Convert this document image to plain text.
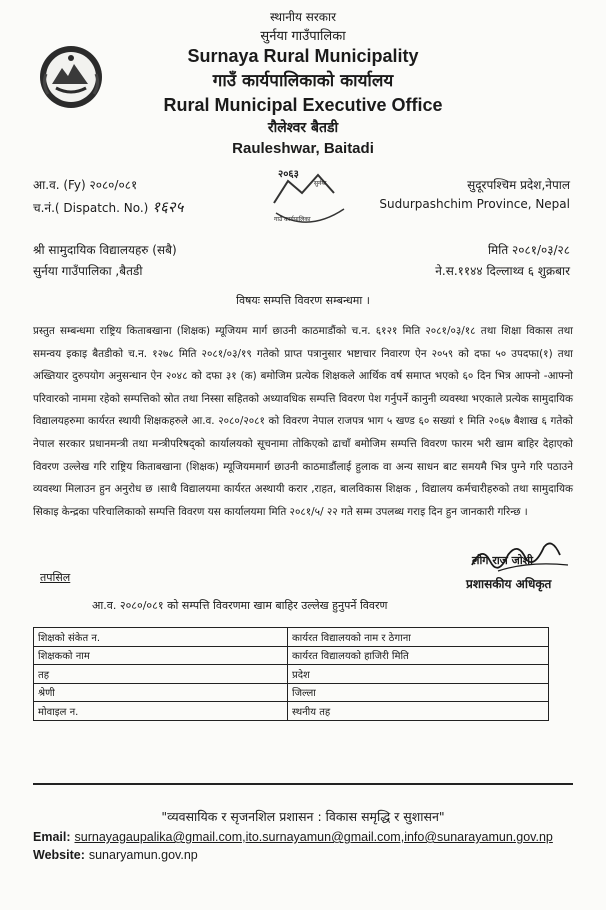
स्थानीय सरकार
सुर्नया गाउँपालिका
Surnaya Rural Municipality
गाउँ कार्यपालिकाको कार्यालय
Rural Municipal Executive Office
रौलेश्वर बैतडी
Rauleshwar, Baitadi
आ.व. (Fy) २०८०/०८१
च.नं.( Dispatch. No.) १६२५
२०६३
गाउँ कार्यपालिका
सुर्नया	सुदूरपश्चिम प्रदेश,नेपाल
Sudurpashchim Province, Nepal
श्री सामुदायिक विद्यालयहरु (सबै)
सुर्नया गाउँपालिका ,बैतडी
मिति २०८१/०३/२८
ने.स.११४४ दिल्लाथ्व ६ शुक्रबार
विषयः सम्पत्ति विवरण सम्बन्धमा ।

प्रस्तुत सम्बन्धमा राष्ट्रिय किताबखाना (शिक्षक) म्यूजियम मार्ग छाउनी काठमाडौंको च.न. ६१२१ मिति २०८१/०३/१८ तथा शिक्षा विकास तथा समन्वय इकाइ बैतडीको च.न. १२७८ मिति २०८१/०३/१९ गतेको प्राप्त पत्रानुसार भष्टाचार निवारण ऐन २०५९ को दफा ५० उपदफा(१) तथा अख्तियार दुरुपयोग अनुसन्धान ऐन २०४८ को दफा ३१ (क) बमोजिम प्रत्येक शिक्षकले आर्थिक वर्ष समाप्त भएको ६० दिन भित्र आफ्नो -आफ्नो परिवारको नाममा रहेको सम्पत्तिको स्रोत तथा निस्सा सहितको अध्यावधिक सम्पत्ति विवरण पेश गर्नुपर्ने कानुनी व्यवस्था भएकाले प्रत्येक सामुदायिक विद्यालयहरुमा कार्यरत स्थायी शिक्षकहरुले आ.व. २०८०/२०८१ को विवरण नेपाल राजपत्र भाग ५ खण्ड ६० सख्यां १ मिति २०६७ बैशाख ६ गतेको नेपाल सरकार प्रधानमन्त्री तथा मन्त्रीपरिषद्को कार्यालयको सूचनामा तोकिएको ढाचाँ बमोजिम सम्पत्ति विवरण फारम भरी खाम बाहिर देहाएको विवरण उल्लेख गरि राष्ट्रिय किताबखाना (शिक्षक) म्यूजियममार्ग छाउनी काठमाडौंलाई हुलाक वा अन्य साधन बाट समयमै भित्र पुग्ने गरि पठाउने व्यवस्था मिलाउन हुन अनुरोध छ ।साथै विद्यालयमा कार्यरत अस्थायी करार ,राहत, बालविकास शिक्षक , विद्यालय कर्मचारीहरुको तथा सामुदायिक सिकाइ केन्द्रका परिचालिकाको सम्पत्ति विवरण यस कार्यालयमा मिति २०८१/५/ २२ गते सम्म उपलब्ध गराइ दिन हुन जानकारी गरिन्छ ।

लोग राज जोशी
प्रशासकीय अधिकृत
तपसिल
आ.व. २०८०/०८१ को सम्पत्ति विवरणमा खाम बाहिर उल्लेख हुनुपर्ने विवरण
शिक्षको संकेत न.	कार्यरत विद्यालयको नाम र ठेगाना
शिक्षकको नाम	कार्यरत विद्यालयको हाजिरी मिति
तह	प्रदेश
श्रेणी	जिल्ला
मोवाइल न.	स्थनीय तह
"व्यवसायिक र सृजनशिल प्रशासन : विकास समृद्धि र सुशासन"
Email: surnayagaupalika@gmail.com,ito.surnayamun@gmail.com,info@sunarayamun.gov.np
Website: sunaryamun.gov.np
